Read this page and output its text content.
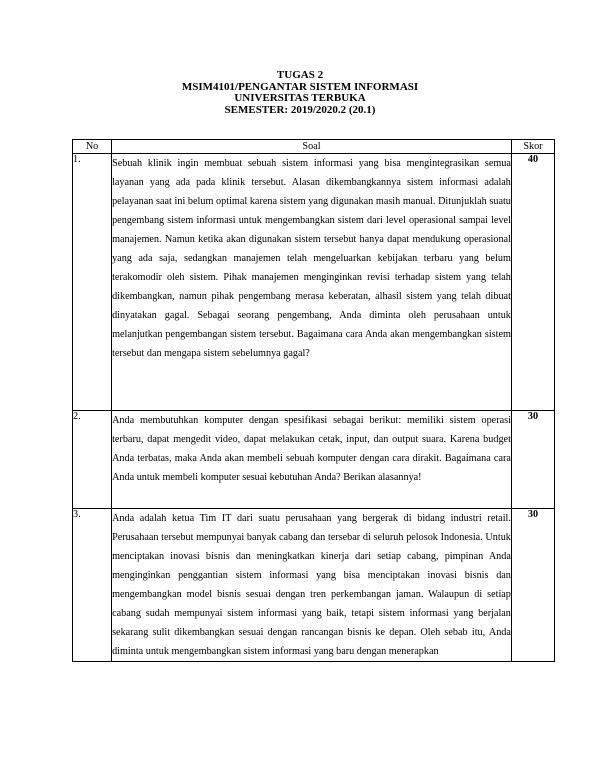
TUGAS 2
MSIM4101/PENGANTAR SISTEM INFORMASI
UNIVERSITAS TERBUKA
SEMESTER: 2019/2020.2 (20.1)
No	Soal	Skor
1.	Sebuah klinik ingin membuat sebuah sistem informasi yang bisa mengintegrasikan semua layanan yang ada pada klinik tersebut. Alasan dikembangkannya sistem informasi adalah pelayanan saat ini belum optimal karena sistem yang digunakan masih manual. Ditunjuklah suatu pengembang sistem informasi untuk mengembangkan sistem dari level operasional sampai level manajemen. Namun ketika akan digunakan sistem tersebut hanya dapat mendukung operasional yang ada saja, sedangkan manajemen telah mengeluarkan kebijakan terbaru yang belum terakomodir oleh sistem. Pihak manajemen menginginkan revisi terhadap sistem yang telah dikembangkan, namun pihak pengembang merasa keberatan, alhasil sistem yang telah dibuat dinyatakan gagal. Sebagai seorang pengembang, Anda diminta oleh perusahaan untuk melanjutkan pengembangan sistem tersebut. Bagaimana cara Anda akan mengembangkan sistem tersebut dan mengapa sistem sebelumnya gagal?	40
2.	Anda membutuhkan komputer dengan spesifikasi sebagai berikut: memiliki sistem operasi terbaru, dapat mengedit video, dapat melakukan cetak, input, dan output suara. Karena budget Anda terbatas, maka Anda akan membeli sebuah komputer dengan cara dirakit. Bagaimana cara Anda untuk membeli komputer sesuai kebutuhan Anda? Berikan alasannya!	30
3.	Anda adalah ketua Tim IT dari suatu perusahaan yang bergerak di bidang industri retail. Perusahaan tersebut mempunyai banyak cabang dan tersebar di seluruh pelosok Indonesia. Untuk menciptakan inovasi bisnis dan meningkatkan kinerja dari setiap cabang, pimpinan Anda menginginkan penggantian sistem informasi yang bisa menciptakan inovasi bisnis dan mengembangkan model bisnis sesuai dengan tren perkembangan jaman. Walaupun di setiap cabang sudah mempunyai sistem informasi yang baik, tetapi sistem informasi yang berjalan sekarang sulit dikembangkan sesuai dengan rancangan bisnis ke depan. Oleh sebab itu, Anda diminta untuk mengembangkan sistem informasi yang baru dengan menerapkan	30
